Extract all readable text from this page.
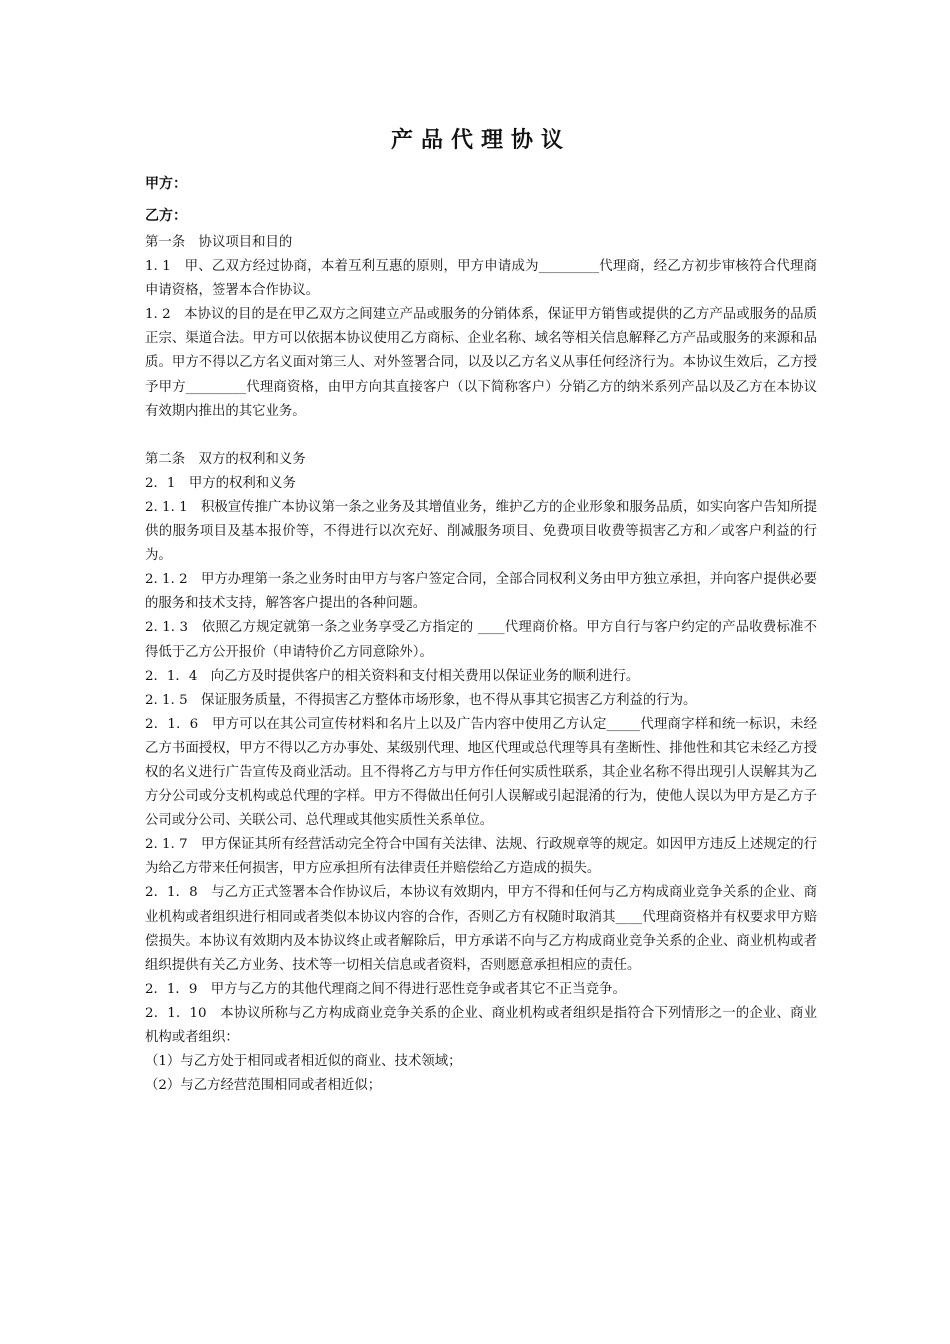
产品代理协议
甲方：
乙方：

第一条　协议项目和目的

1. 1　甲、乙双方经过协商，本着互利互惠的原则，甲方申请成为_________代理商，经乙方初步审核符合代理商申请资格，签署本合作协议。

1. 2　本协议的目的是在甲乙双方之间建立产品或服务的分销体系，保证甲方销售或提供的乙方产品或服务的品质正宗、渠道合法。甲方可以依据本协议使用乙方商标、企业名称、域名等相关信息解释乙方产品或服务的来源和品质。甲方不得以乙方名义面对第三人、对外签署合同，以及以乙方名义从事任何经济行为。本协议生效后，乙方授予甲方_________代理商资格，由甲方向其直接客户（以下简称客户）分销乙方的纳米系列产品以及乙方在本协议有效期内推出的其它业务。

第二条　双方的权利和义务

2．1　甲方的权利和义务

2. 1. 1　积极宣传推广本协议第一条之业务及其增值业务，维护乙方的企业形象和服务品质，如实向客户告知所提供的服务项目及基本报价等，不得进行以次充好、削减服务项目、免费项目收费等损害乙方和／或客户利益的行为。

2. 1. 2　甲方办理第一条之业务时由甲方与客户签定合同，全部合同权利义务由甲方独立承担，并向客户提供必要的服务和技术支持，解答客户提出的各种问题。

2. 1. 3　依照乙方规定就第一条之业务享受乙方指定的 ____代理商价格。甲方自行与客户约定的产品收费标准不得低于乙方公开报价（申请特价乙方同意除外）。

2．1．4　向乙方及时提供客户的相关资料和支付相关费用以保证业务的顺利进行。

2. 1. 5　保证服务质量，不得损害乙方整体市场形象，也不得从事其它损害乙方利益的行为。

2．1．6　甲方可以在其公司宣传材料和名片上以及广告内容中使用乙方认定_____代理商字样和统一标识，未经乙方书面授权，甲方不得以乙方办事处、某级别代理、地区代理或总代理等具有垄断性、排他性和其它未经乙方授权的名义进行广告宣传及商业活动。且不得将乙方与甲方作任何实质性联系，其企业名称不得出现引人误解其为乙方分公司或分支机构或总代理的字样。甲方不得做出任何引人误解或引起混淆的行为，使他人误以为甲方是乙方子公司或分公司、关联公司、总代理或其他实质性关系单位。

2. 1. 7　甲方保证其所有经营活动完全符合中国有关法律、法规、行政规章等的规定。如因甲方违反上述规定的行为给乙方带来任何损害，甲方应承担所有法律责任并赔偿给乙方造成的损失。

2．1．8　与乙方正式签署本合作协议后，本协议有效期内，甲方不得和任何与乙方构成商业竞争关系的企业、商业机构或者组织进行相同或者类似本协议内容的合作，否则乙方有权随时取消其____代理商资格并有权要求甲方赔偿损失。本协议有效期内及本协议终止或者解除后，甲方承诺不向与乙方构成商业竞争关系的企业、商业机构或者组织提供有关乙方业务、技术等一切相关信息或者资料，否则愿意承担相应的责任。

2．1．9　甲方与乙方的其他代理商之间不得进行恶性竞争或者其它不正当竞争。

2．1．10　本协议所称与乙方构成商业竞争关系的企业、商业机构或者组织是指符合下列情形之一的企业、商业机构或者组织：

（1）与乙方处于相同或者相近似的商业、技术领域；

（2）与乙方经营范围相同或者相近似；
